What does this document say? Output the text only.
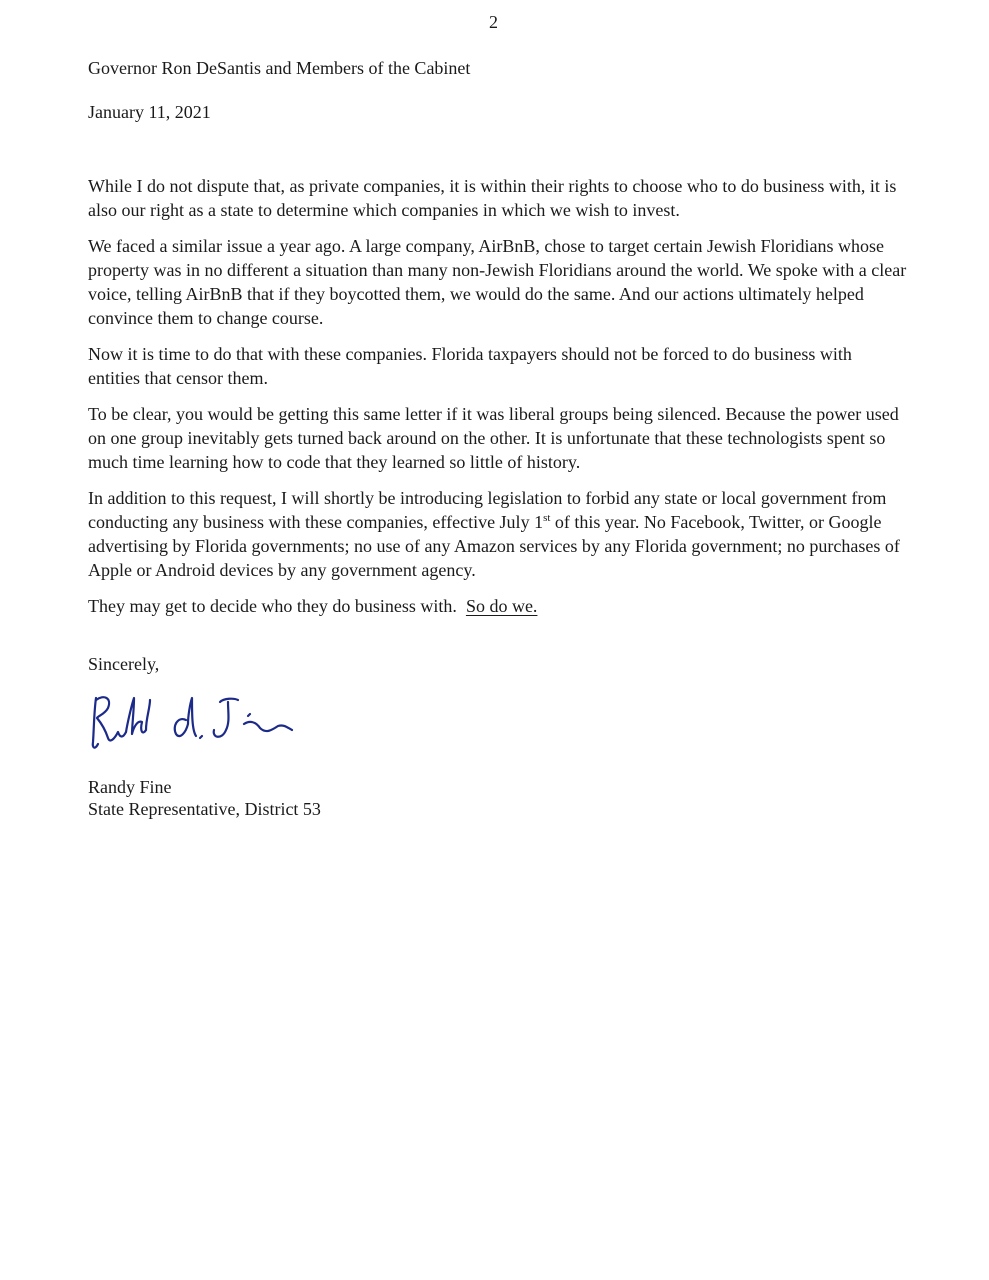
2
Governor Ron DeSantis and Members of the Cabinet
January 11, 2021

While I do not dispute that, as private companies, it is within their rights to choose who to do business with, it is also our right as a state to determine which companies in which we wish to invest.

We faced a similar issue a year ago. A large company, AirBnB, chose to target certain Jewish Floridians whose property was in no different a situation than many non-Jewish Floridians around the world. We spoke with a clear voice, telling AirBnB that if they boycotted them, we would do the same. And our actions ultimately helped convince them to change course.

Now it is time to do that with these companies. Florida taxpayers should not be forced to do business with entities that censor them.

To be clear, you would be getting this same letter if it was liberal groups being silenced. Because the power used on one group inevitably gets turned back around on the other. It is unfortunate that these technologists spent so much time learning how to code that they learned so little of history.

In addition to this request, I will shortly be introducing legislation to forbid any state or local government from conducting any business with these companies, effective July 1st of this year. No Facebook, Twitter, or Google advertising by Florida governments; no use of any Amazon services by any Florida government; no purchases of Apple or Android devices by any government agency.

They may get to decide who they do business with.  So do we.

Sincerely,
Randy Fine
State Representative, District 53
